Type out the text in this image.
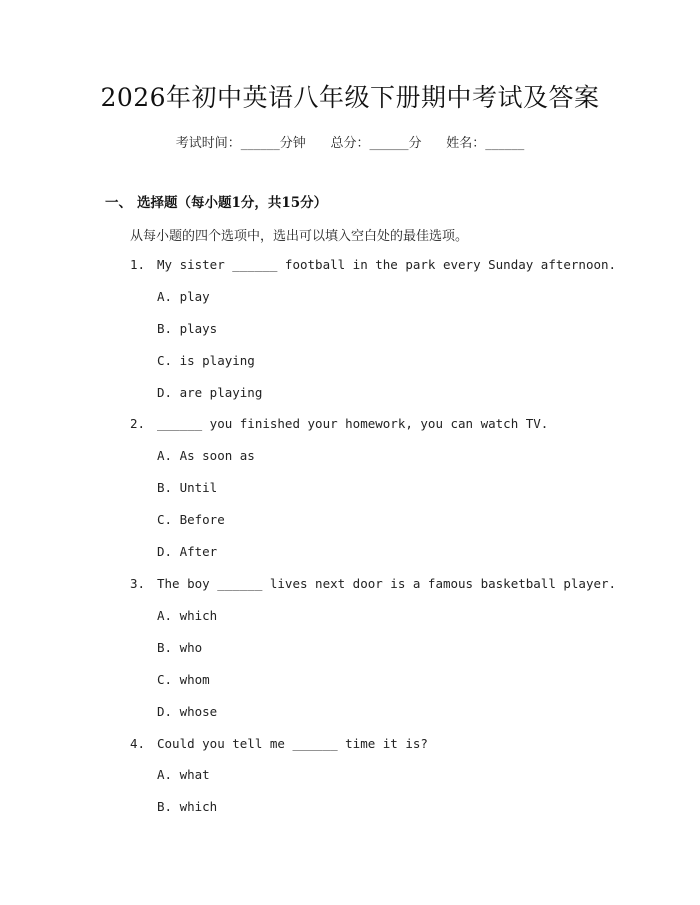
2026年初中英语八年级下册期中考试及答案
考试时间：______分钟      总分：______分      姓名：______
一、 选择题（每小题1分，共15分）
从每小题的四个选项中，选出可以填入空白处的最佳选项。
1. My sister ______ football in the park every Sunday afternoon.
A. play
B. plays
C. is playing
D. are playing
2. ______ you finished your homework, you can watch TV.
A. As soon as
B. Until
C. Before
D. After
3. The boy ______ lives next door is a famous basketball player.
A. which
B. who
C. whom
D. whose
4. Could you tell me ______ time it is?
A. what
B. which
